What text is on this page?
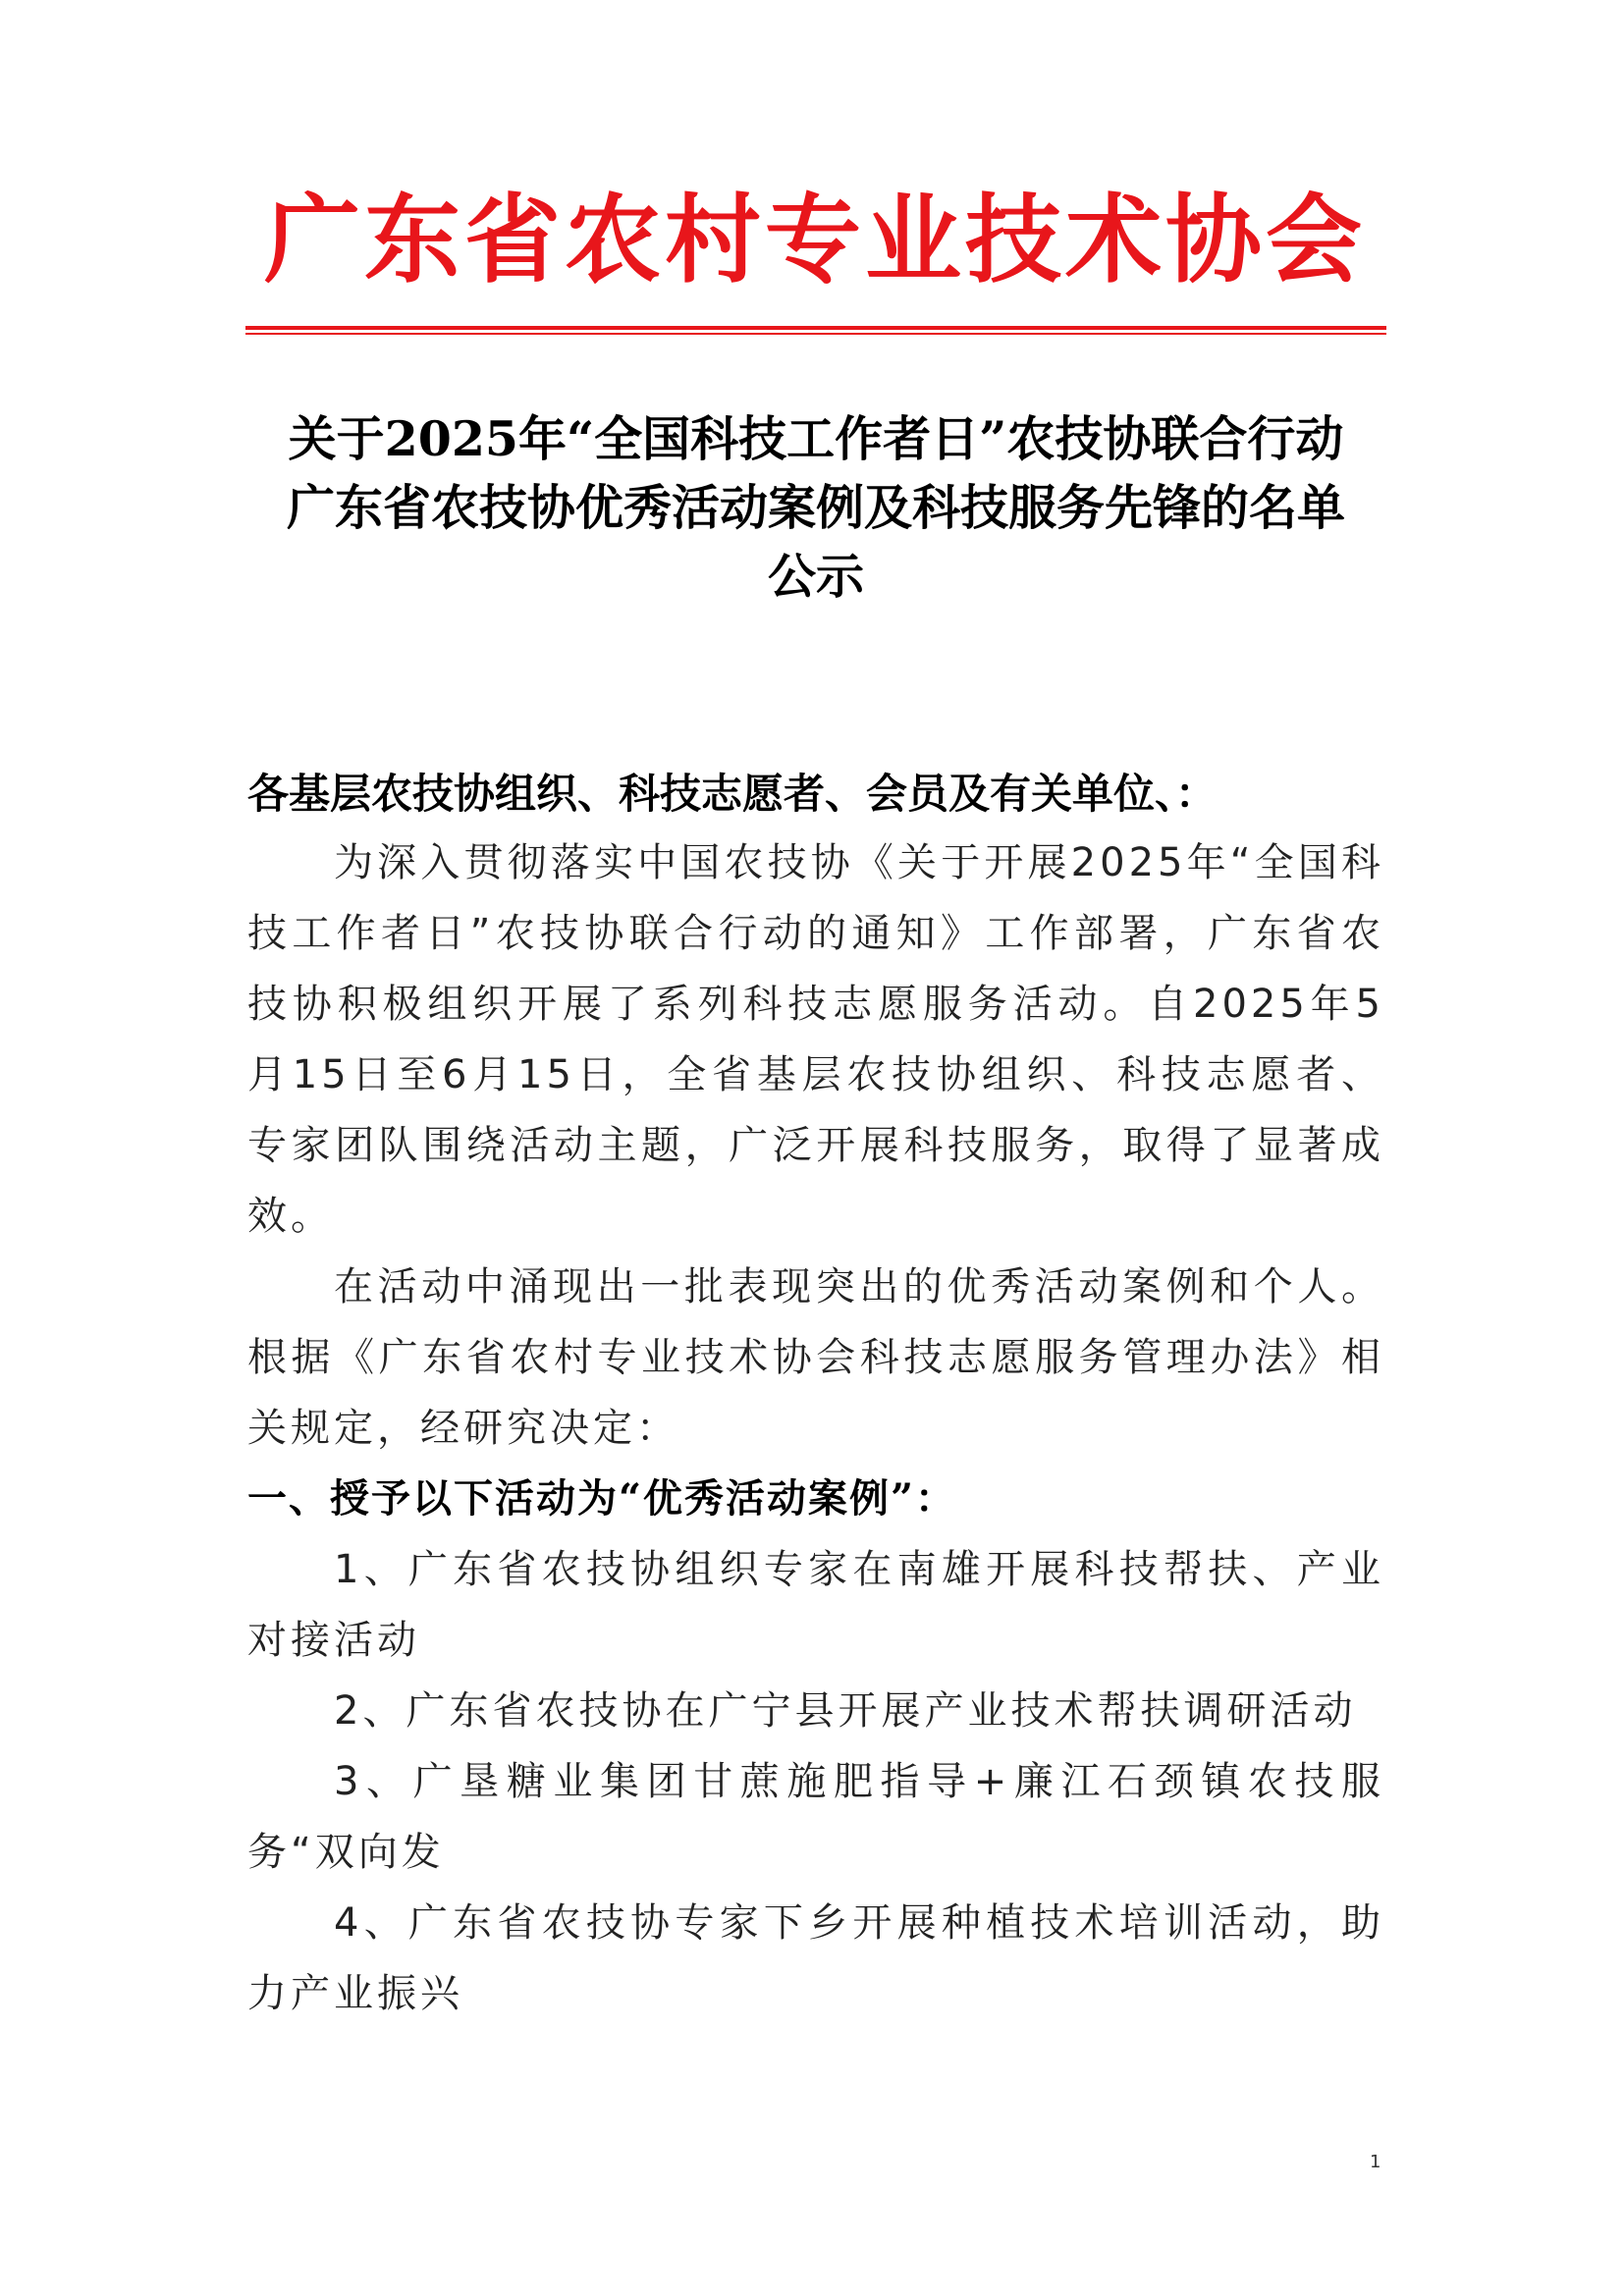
广东省农村专业技术协会
关于2025年“全国科技工作者日”农技协联合行动
广东省农技协优秀活动案例及科技服务先锋的名单
公示
各基层农技协组织、科技志愿者、会员及有关单位、：

为深入贯彻落实中国农技协《关于开展2025年“全国科技工作者日”农技协联合行动的通知》工作部署，广东省农技协积极组织开展了系列科技志愿服务活动。自2025年5月15日至6月15日，全省基层农技协组织、科技志愿者、专家团队围绕活动主题，广泛开展科技服务，取得了显著成效。

在活动中涌现出一批表现突出的优秀活动案例和个人。根据《广东省农村专业技术协会科技志愿服务管理办法》相关规定，经研究决定：

一、授予以下活动为“优秀活动案例”：

1、广东省农技协组织专家在南雄开展科技帮扶、产业对接活动

2、广东省农技协在广宁县开展产业技术帮扶调研活动

3、广垦糖业集团甘蔗施肥指导+廉江石颈镇农技服务“双向发

4、广东省农技协专家下乡开展种植技术培训活动，助力产业振兴

1
